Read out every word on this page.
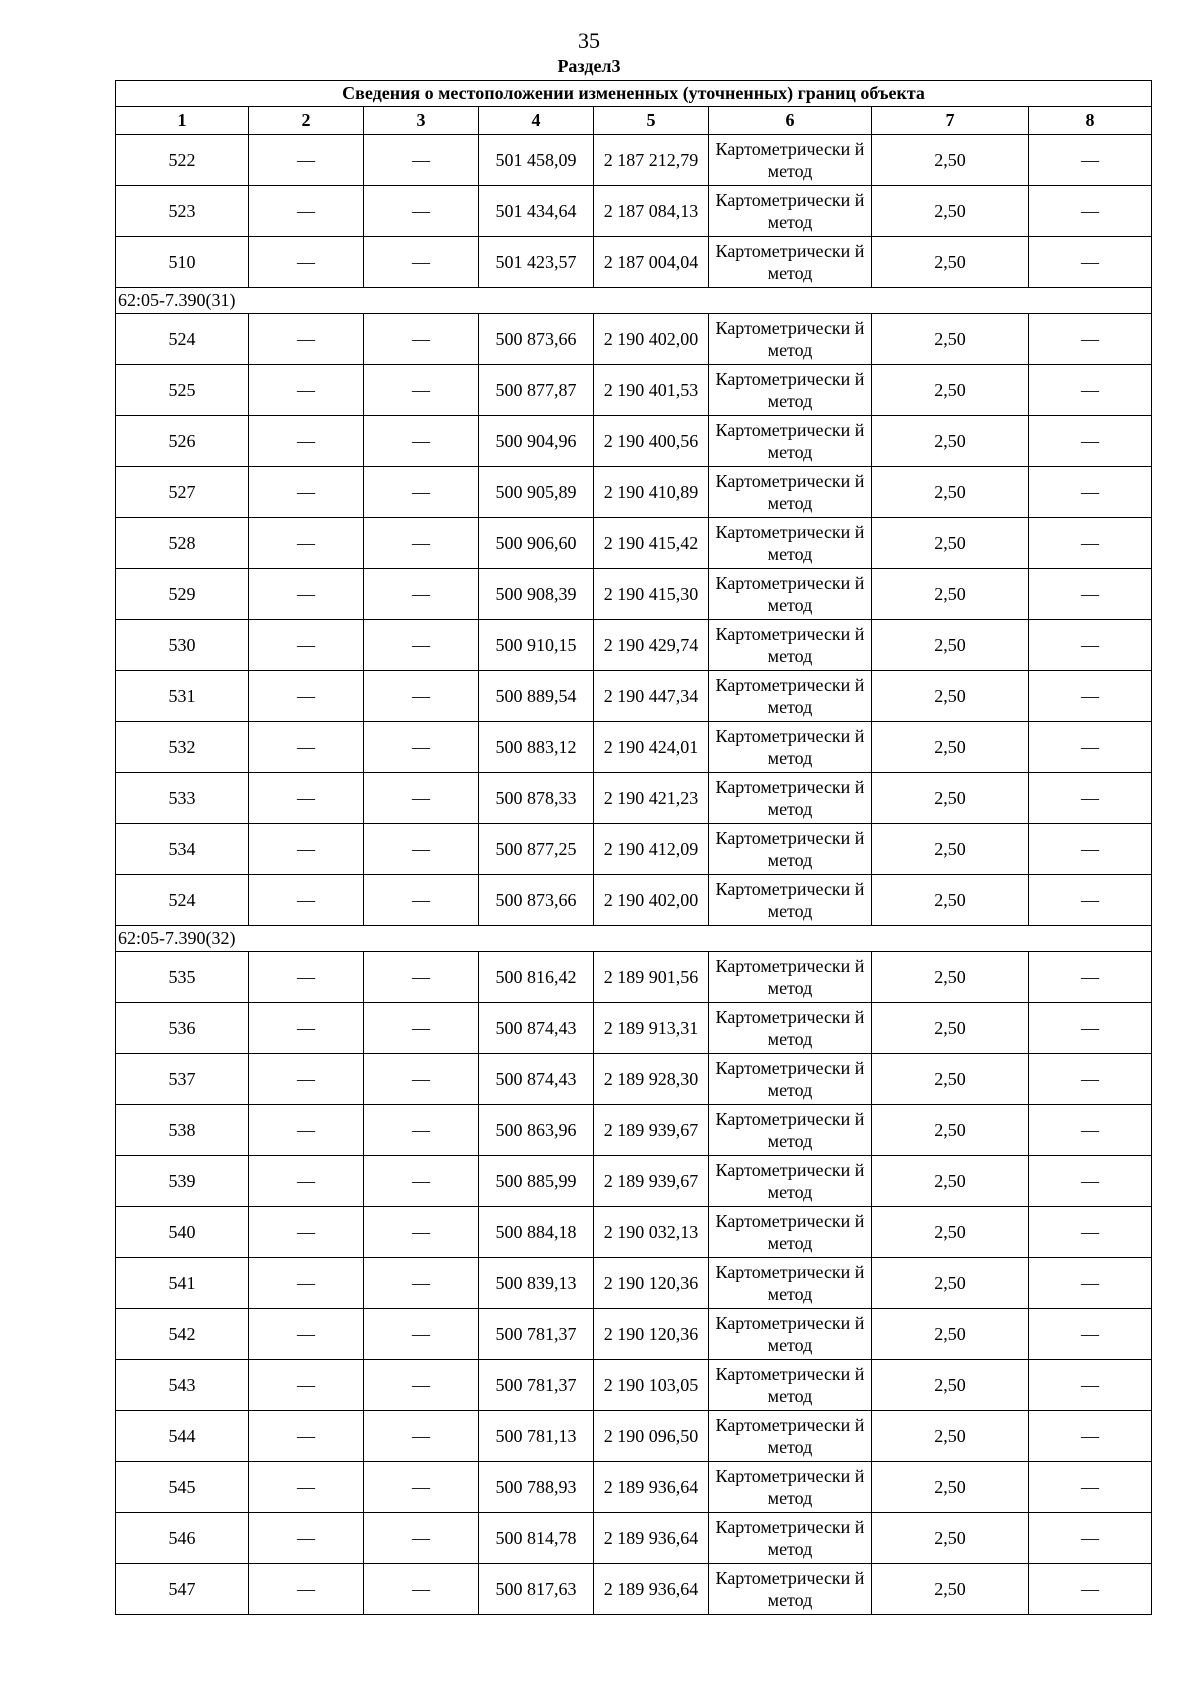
35
Раздел3
Сведения о местоположении измененных (уточненных) границ объекта							
1	2	3	4	5	6	7	8
522	—	—	501 458,09	2 187 212,79	Картометрически й метод	2,50	—
523	—	—	501 434,64	2 187 084,13	Картометрически й метод	2,50	—
510	—	—	501 423,57	2 187 004,04	Картометрически й метод	2,50	—
62:05-7.390(31)							
524	—	—	500 873,66	2 190 402,00	Картометрически й метод	2,50	—
525	—	—	500 877,87	2 190 401,53	Картометрически й метод	2,50	—
526	—	—	500 904,96	2 190 400,56	Картометрически й метод	2,50	—
527	—	—	500 905,89	2 190 410,89	Картометрически й метод	2,50	—
528	—	—	500 906,60	2 190 415,42	Картометрически й метод	2,50	—
529	—	—	500 908,39	2 190 415,30	Картометрически й метод	2,50	—
530	—	—	500 910,15	2 190 429,74	Картометрически й метод	2,50	—
531	—	—	500 889,54	2 190 447,34	Картометрически й метод	2,50	—
532	—	—	500 883,12	2 190 424,01	Картометрически й метод	2,50	—
533	—	—	500 878,33	2 190 421,23	Картометрически й метод	2,50	—
534	—	—	500 877,25	2 190 412,09	Картометрически й метод	2,50	—
524	—	—	500 873,66	2 190 402,00	Картометрически й метод	2,50	—
62:05-7.390(32)							
535	—	—	500 816,42	2 189 901,56	Картометрически й метод	2,50	—
536	—	—	500 874,43	2 189 913,31	Картометрически й метод	2,50	—
537	—	—	500 874,43	2 189 928,30	Картометрически й метод	2,50	—
538	—	—	500 863,96	2 189 939,67	Картометрически й метод	2,50	—
539	—	—	500 885,99	2 189 939,67	Картометрически й метод	2,50	—
540	—	—	500 884,18	2 190 032,13	Картометрически й метод	2,50	—
541	—	—	500 839,13	2 190 120,36	Картометрически й метод	2,50	—
542	—	—	500 781,37	2 190 120,36	Картометрически й метод	2,50	—
543	—	—	500 781,37	2 190 103,05	Картометрически й метод	2,50	—
544	—	—	500 781,13	2 190 096,50	Картометрически й метод	2,50	—
545	—	—	500 788,93	2 189 936,64	Картометрически й метод	2,50	—
546	—	—	500 814,78	2 189 936,64	Картометрически й метод	2,50	—
547	—	—	500 817,63	2 189 936,64	Картометрически й метод	2,50	—
